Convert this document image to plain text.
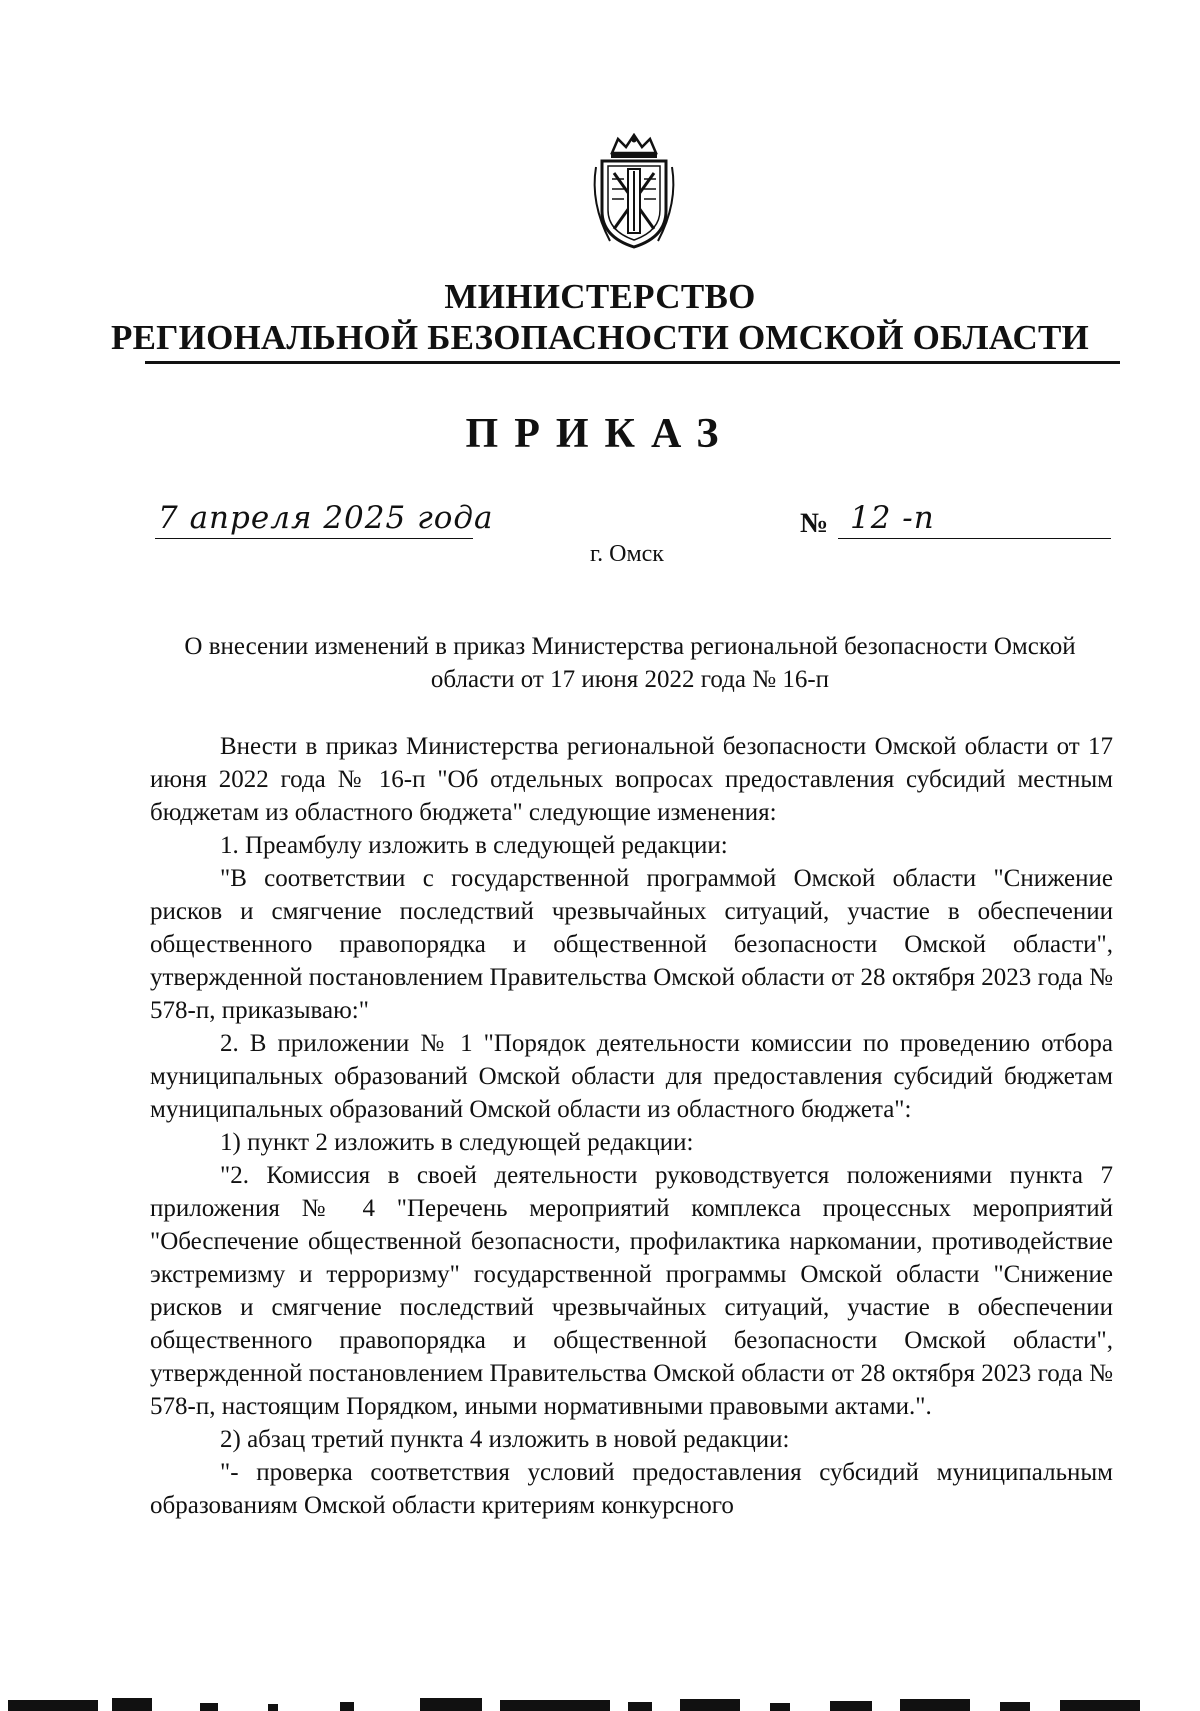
МИНИСТЕРСТВО
РЕГИОНАЛЬНОЙ БЕЗОПАСНОСТИ ОМСКОЙ ОБЛАСТИ
ПРИКАЗ
7 апреля 2025 года	№ 12 -п
г. Омск
О внесении изменений в приказ Министерства региональной безопасности Омской области от 17 июня 2022 года № 16-п

Внести в приказ Министерства региональной безопасности Омской области от 17 июня 2022 года № 16-п "Об отдельных вопросах предоставления субсидий местным бюджетам из областного бюджета" следующие изменения:

1. Преамбулу изложить в следующей редакции:

"В соответствии с государственной программой Омской области "Снижение рисков и смягчение последствий чрезвычайных ситуаций, участие в обеспечении общественного правопорядка и общественной безопасности Омской области", утвержденной постановлением Правительства Омской области от 28 октября 2023 года № 578-п, приказываю:"

2. В приложении № 1 "Порядок деятельности комиссии по проведению отбора муниципальных образований Омской области для предоставления субсидий бюджетам муниципальных образований Омской области из областного бюджета":

1) пункт 2 изложить в следующей редакции:

"2. Комиссия в своей деятельности руководствуется положениями пункта 7 приложения № 4 "Перечень мероприятий комплекса процессных мероприятий "Обеспечение общественной безопасности, профилактика наркомании, противодействие экстремизму и терроризму" государственной программы Омской области "Снижение рисков и смягчение последствий чрезвычайных ситуаций, участие в обеспечении общественного правопорядка и общественной безопасности Омской области", утвержденной постановлением Правительства Омской области от 28 октября 2023 года № 578-п, настоящим Порядком, иными нормативными правовыми актами.".

2) абзац третий пункта 4 изложить в новой редакции:

"- проверка соответствия условий предоставления субсидий муниципальным образованиям Омской области критериям конкурсного
